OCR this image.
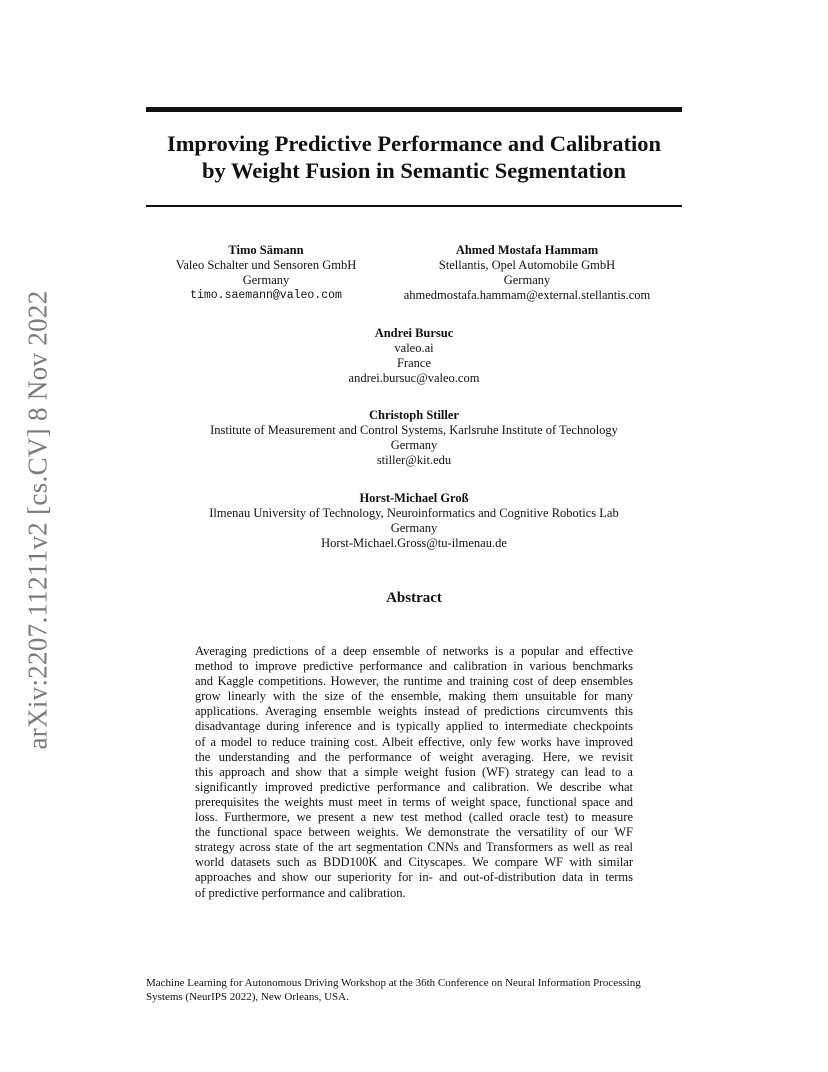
arXiv:2207.11211v2 [cs.CV] 8 Nov 2022
Improving Predictive Performance and Calibration
by Weight Fusion in Semantic Segmentation
Timo Sämann
Valeo Schalter und Sensoren GmbH
Germany
timo.saemann@valeo.com
Ahmed Mostafa Hammam
Stellantis, Opel Automobile GmbH
Germany
ahmedmostafa.hammam@external.stellantis.com
Andrei Bursuc
valeo.ai
France
andrei.bursuc@valeo.com
Christoph Stiller
Institute of Measurement and Control Systems, Karlsruhe Institute of Technology
Germany
stiller@kit.edu
Horst-Michael Groß
Ilmenau University of Technology, Neuroinformatics and Cognitive Robotics Lab
Germany
Horst-Michael.Gross@tu-ilmenau.de
Abstract
Averaging predictions of a deep ensemble of networks is a popular and effective
method to improve predictive performance and calibration in various benchmarks
and Kaggle competitions. However, the runtime and training cost of deep ensembles
grow linearly with the size of the ensemble, making them unsuitable for many
applications. Averaging ensemble weights instead of predictions circumvents this
disadvantage during inference and is typically applied to intermediate checkpoints
of a model to reduce training cost. Albeit effective, only few works have improved
the understanding and the performance of weight averaging. Here, we revisit
this approach and show that a simple weight fusion (WF) strategy can lead to a
significantly improved predictive performance and calibration. We describe what
prerequisites the weights must meet in terms of weight space, functional space and
loss. Furthermore, we present a new test method (called oracle test) to measure
the functional space between weights. We demonstrate the versatility of our WF
strategy across state of the art segmentation CNNs and Transformers as well as real
world datasets such as BDD100K and Cityscapes. We compare WF with similar
approaches and show our superiority for in- and out-of-distribution data in terms
of predictive performance and calibration.
Machine Learning for Autonomous Driving Workshop at the 36th Conference on Neural Information Processing
Systems (NeurIPS 2022), New Orleans, USA.
